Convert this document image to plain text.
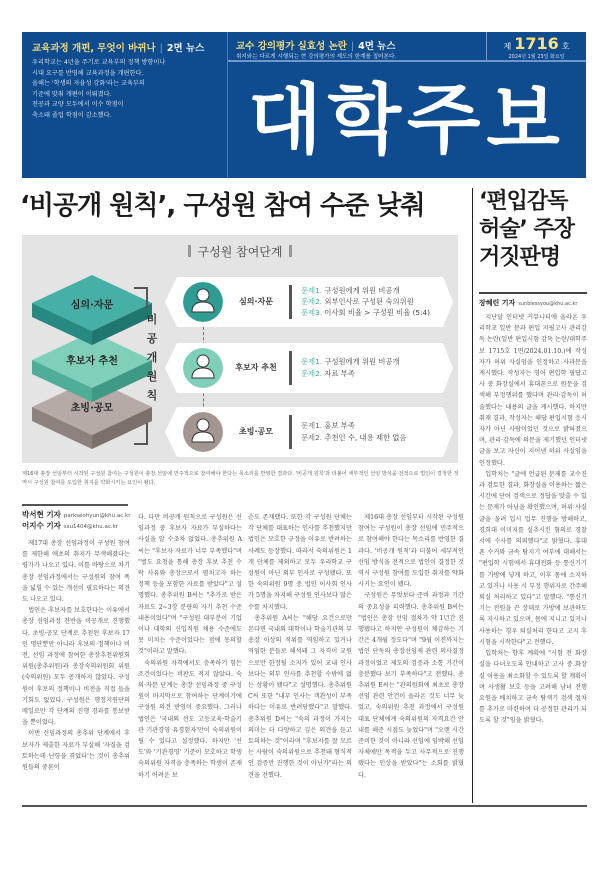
교육과정 개편, 무엇이 바뀌나 | 2면 뉴스
우리학교는 4년을 주기로 교육부의 정책 방향이나
시대 요구를 반영해 교육과정을 개편한다.
올해는 '학생의 자율성 강화'라는 교육부의
기준에 맞춰 개편이 이뤄졌다.
전공과 교양 모두에서 이수 학점이
축소돼 졸업 학점이 감소했다.
교수 강의평가 실효성 논란 | 4면 뉴스
취지와는 다르게 시행되는 현 강의평가의 제도의 한계를 짚어본다.
제 1716 호
2024년 1월 23일 화요일
대학주보
‘비공개 원칙’, 구성원 참여 수준 낮춰
구성원 참여단계
초빙·공모
후보자 추천
심의·자문
비
공
개
원
칙
심의·자문
문제1. 구성원에게 위원 비공개
문제2. 외부인사로 구성된 숙의위원
문제3. 이사회 비율 > 구성원 비율 (5:4)
후보자 추천
문제1. 구성원에게 위원 비공개
문제2. 자료 부족
초빙·공모
문제1. 홍보 부족
문제2. 추천인 수, 내용 제한 없음
제16대 총장 선임부터 시작된 구성원 참여는 구성원이 총장 선임에 민주적으로 참여해야 한다는 목소리를 반영한 결과다. '비공개 원칙'과 더불어 세부적인 선임 방식을 전적으로 법인이 결정한 것 역시 구성원 참여를 도입한 취지를 약화시키는 요인이 됐다.
박서현 기자 parkseohyun@khu.ac.kr
이지수 기자 ssu1404@khu.ac.kr

제17대 총장 선임과정이 구성원 참여를 제한해 애초의 취지가 무색해졌다는 평가가 나오고 있다. 이를 바탕으로 차기 총장 선임과정에서는 구성원의 참여 폭을 넓힐 수 있는 개선이 필요하다는 의견도 나오고 있다.

법인은 후보자를 보호한다는 이유에서 총장 선임과정 전반을 비공개로 진행했다. 초빙·공모 단계로 추천된 후보자 17인 명단뿐만 아니라 후보의 정책이나 비전, 선임 과정에 참여한 총장추천위원회 위원(총추위원)과 총장숙의위원회 위원(숙의위원) 모두 공개하지 않았다. 구성원이 후보의 정책이나 비전을 직접 들을 기회도 없었다. 구성원은 행정지원단의 메일로만 각 단계의 진행 경과를 통보받을 뿐이었다.

이번 선임과정의 총추위 단계에서 후보자가 제출한 자료가 부실해 '자질을 검토하는데 난항을 겪었다'는 것이 총추위원들의 중론이

다. 다만 비공개 원칙으로 구성원은 선임과정 중 후보자 자료가 부실하다는 사실을 알 수조차 없었다. 총추위원 A씨는 "후보자 자료가 너무 부족했다"며 "별도 요청을 통해 총장 후보 추천 수락 사유와 총장으로서 펼치고자 하는 정책 등을 포함한 자료를 받았다"고 설명했다. 총추위원 B씨는 "추가로 받은 자료도 2~3장 분량의 자기 추천 수준 내용이었다"며 "구성원 대부분이 기업이나 대학의 신입직원 채용 수준에도 못 미치는 수준이었다는 점에 동의할 것"이라고 말했다.

숙의위원 자격에서도 충족하기 힘든 조건이었다는 비판도 적지 않았다. 숙의·자문 단계는 총장 선임과정 중 구성원이 마지막으로 참여하는 단계이기에 구성원 의견 반영이 중요했다. 그러나 법인은 '국내외 선도 고등교육·학술기관 기관경영 유경험자'만이 숙의위원이 될 수 있다고 설정했다. 하지만 '선도'와 '기관경영' 기준이 모호하고 학생 숙의위원 자격을 충족하는 학생이 존재하기 어려운 보

순도 존재했다. 또한 각 구성원 단체는 각 단체를 대표하는 인사를 추천했지만 법인은 모호한 규정을 이유로 반려하는 사례도 등장했다. 따라서 숙의위원은 1개 단체를 제외하고 모두 우리학교 구성원이 아닌 외부 인사로 구성됐다. 또한 숙의위원 9명 중 법인 이사회 인사가 5명을 차지해 구성원 인사보다 많은 수를 차지했다.

총추위원 A씨는 "해당 요건으로만 본다면 국내외 대학이나 학술기관의 부총장 이상의 직위를 역임하고 있거나 역임한 분들로 해석돼 그 자격이 교원으로만 한정될 소지가 있어 교내 인사보다는 외부 인사를 추천할 수밖에 없는 상황이 됐다"고 설명했다. 총추위원 C씨 또한 "내부 인사는 객관성이 부족하다는 이유로 반려당했다"고 말했다. 총추위원 D씨는 "숙의 과정이 가지는 의미는 더 다양하고 깊은 의견을 듣고 토의하는 것"이라며 "후보자를 잘 모르는 사람이 숙의위원으로 추천돼 형식적인 검증만 진행한 것이 아닌가"라는 의견을 전했다.

제16대 총장 선임부터 시작된 구성원 참여는 구성원이 총장 선임에 민주적으로 참여해야 한다는 목소리를 반영한 결과다. '비공개 원칙'과 더불어 세부적인 선임 방식을 전적으로 법인이 결정한 것 역시 구성원 참여를 도입한 취지를 약화시키는 요인이 됐다.

구성원은 무엇보다 준비 과정과 기간의 중요성을 피력했다. 총추위원 B씨는 "법인은 총장 선임 절차가 약 1년간 진행됐다고 하지만 구성원이 체감하는 기간은 4개월 정도다"며 "9월 이전까지는 법인 단독의 총장선임제 관련 의사결정 과정이었고 제도의 검증과 소통 기간이 충분했다 보기 부족하다"고 전했다. 총추위원 E씨는 "관의원회에 최초로 총장 선임 관련 안건이 올라온 것도 너무 늦었고, 숙의위원 추천 과정에서 구성원 대표 단체에게 숙의위원의 자격요건 안내를 해준 시점도 늦었다"며 "오랜 시간 준비한 것이 아니라 선임에 임박해 선임 자체에만 목적을 두고 사무적으로 진행됐다는 인상을 받았다"는 소회를 밝혔다.

‘편입감독
허술’ 주장
거짓판명
장혜린 기자 sunblessyou@khu.ac.kr

지난달 인터넷 커뮤니티에 올라온 우리학교 일반 문과 편입 지필고사 관리감독 논란(일반 편입시험 감독 논란/대학주보 1715호 1면/2024.01.10.)에 작성자가 허위 사실임을 인정하고 사과문을 게시했다. 작성자는 영어 편입학 필답고사 중 화장실에서 휴대폰으로 원문을 검색해 부정행위를 했다며 관리·감독이 허술했다는 내용의 글을 게시했다. 하지만 취재 결과, 작성자는 해당 편입시험 응시자가 아닌 사람이었던 것으로 밝혀졌으며, 관리·감독에 의문을 제기했던 인터넷 글을 보고 자신이 지어낸 허위 사실임을 인정했다.

입학처는 "글에 언급된 문제를 교수진과 검토한 결과, 화장실을 이용하는 짧은 시간에 단어 검색으로 정답을 맞출 수 있는 문제가 아님을 확인했으며, 허위 사실 글을 올려 입시 업무 진행을 방해하고, 경희대 이미지를 실추시킨 혐의로 경찰서에 수사를 의뢰했다"고 밝혔다. 휴대폰 수거와 금속 탐지기 여부에 대해서는 "편입학 시험에서 휴대전화 등 통신기기를 가방에 넣게 하고, 이후 몸에 소지하고 있거나 사용 시 부정 행위자로 간주해 퇴실 처리하고 있다"고 말했다. "통신기기는 전원을 끈 상태로 가방에 보관하도록 지시하고 있으며, 몸에 지니고 있거나 사용하는 경우 퇴실처리 한다고 고지 후 시험을 시작한다"고 전했다.

입학처는 향후 계획에 "시험 전 화장실을 다녀오도록 안내하고 고사 중 화장실 이용을 최소화할 수 있도록 할 계획이며 사생활 보호 등을 고려해 남녀 진행 요원을 배치하고 금속 탐색기 검색 절차를 추가로 마련하여 더 공정한 관리가 되도록 할 것"임을 밝혔다.
